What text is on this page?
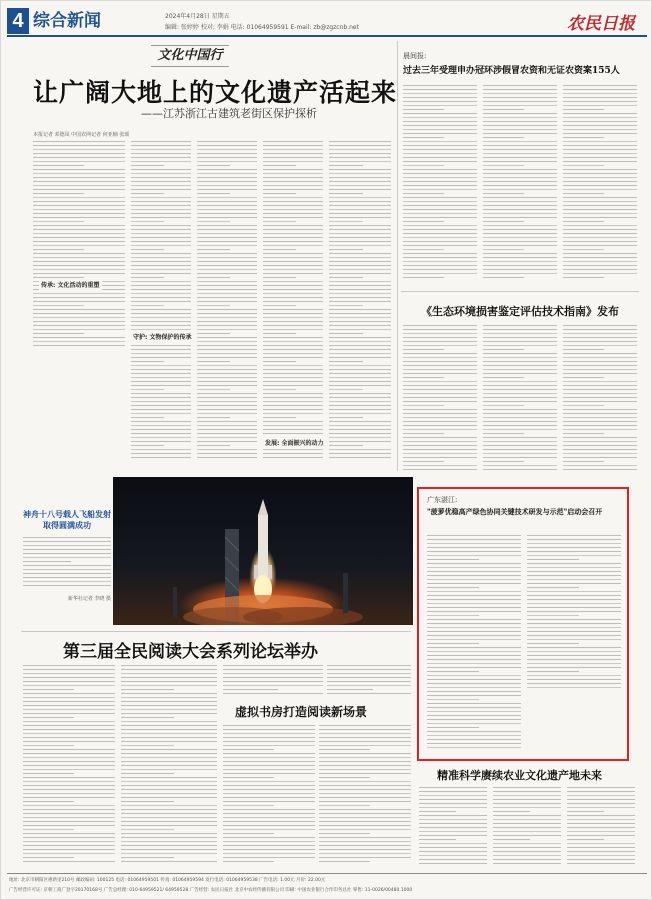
4 综合新闻	2024年4月28日 星期五
编辑: 张婷婷 校对: 李娟 电话: 01064959591 E-mail: zb@zgzcnb.net	农民日报
文化中国行
让广阔大地上的文化遗产活起来
——江苏浙江古建筑老街区保护探析
本报记者 邓德凤 中国农网记者 何亚楠 张颂
传承: 文化活动的重塑
守护: 文物保护的传承
发展: 全面振兴的动力
晨间报:
过去三年受理申办冠环涉假冒农资和无证农资案155人
《生态环境损害鉴定评估技术指南》发布
神舟十八号载人飞船发射取得圆满成功
新华社记者 李晓 摄
广东湛江:
"菠萝优稳高产绿色协同关键技术研发与示范"启动会召开
第三届全民阅读大会系列论坛举办
虚拟书房打造阅读新场景
精准科学赓续农业文化遗产地未来
地址: 北京市朝阳区惠新里210号 邮政编码: 100125 电话: 01064959501 传真: 01064959594 发行电话: 01064959538 广告电话: 1.00元 月价: 22.00元
广告经营许可证: 京朝工商广登字20170168号 广告总经理: 010-64959521/ 64959528 广告经营: 农民日报社 北京中农经传播有限公司 印刷: 中国农业银行合作印务总社 零售: 11-0026/00480.1000
